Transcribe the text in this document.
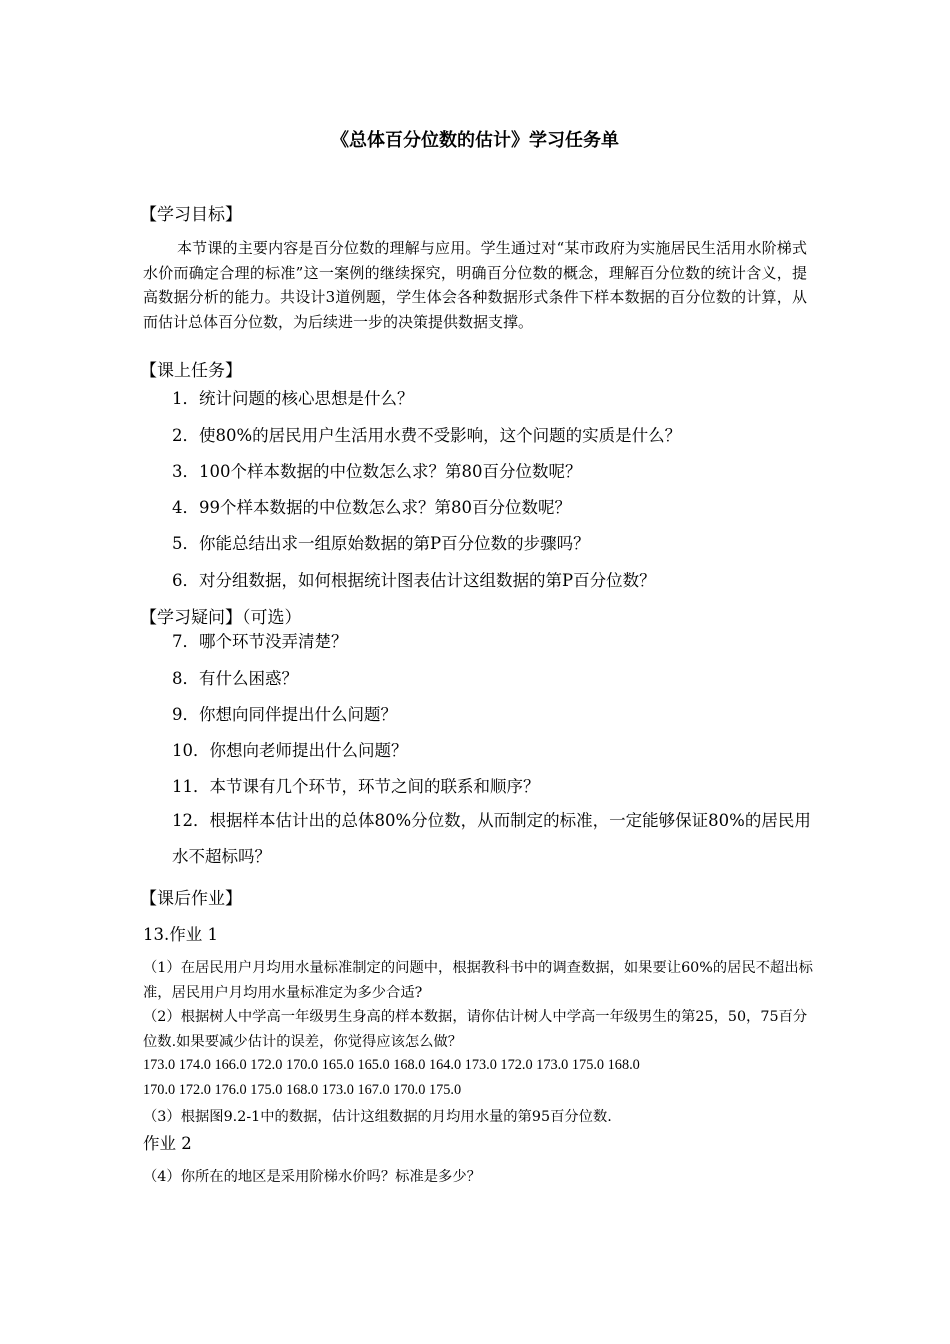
《总体百分位数的估计》学习任务单
【学习目标】
本节课的主要内容是百分位数的理解与应用。学生通过对“某市政府为实施居民生活用水阶梯式水价而确定合理的标准”这一案例的继续探究，明确百分位数的概念，理解百分位数的统计含义，提高数据分析的能力。共设计3道例题，学生体会各种数据形式条件下样本数据的百分位数的计算，从而估计总体百分位数，为后续进一步的决策提供数据支撑。
【课上任务】
1．统计问题的核心思想是什么？
2．使80%的居民用户生活用水费不受影响，这个问题的实质是什么？
3．100个样本数据的中位数怎么求？第80百分位数呢？
4．99个样本数据的中位数怎么求？第80百分位数呢？
5．你能总结出求一组原始数据的第P百分位数的步骤吗？
6．对分组数据，如何根据统计图表估计这组数据的第P百分位数？
【学习疑问】（可选）
7．哪个环节没弄清楚？
8．有什么困惑？
9．你想向同伴提出什么问题？
10．你想向老师提出什么问题？
11．本节课有几个环节，环节之间的联系和顺序？
12．根据样本估计出的总体80%分位数，从而制定的标准，一定能够保证80%的居民用水不超标吗？
【课后作业】
13.作业 1
（1）在居民用户月均用水量标准制定的问题中，根据教科书中的调查数据，如果要让60%的居民不超出标准，居民用户月均用水量标准定为多少合适?
（2）根据树人中学高一年级男生身高的样本数据，请你估计树人中学高一年级男生的第25，50，75百分位数.如果要减少估计的误差，你觉得应该怎么做？
173.0 174.0 166.0 172.0 170.0 165.0 165.0 168.0 164.0 173.0 172.0 173.0 175.0 168.0
170.0 172.0 176.0 175.0 168.0 173.0 167.0 170.0 175.0
（3）根据图9.2-1中的数据，估计这组数据的月均用水量的第95百分位数.
作业 2
（4）你所在的地区是采用阶梯水价吗？标准是多少？
